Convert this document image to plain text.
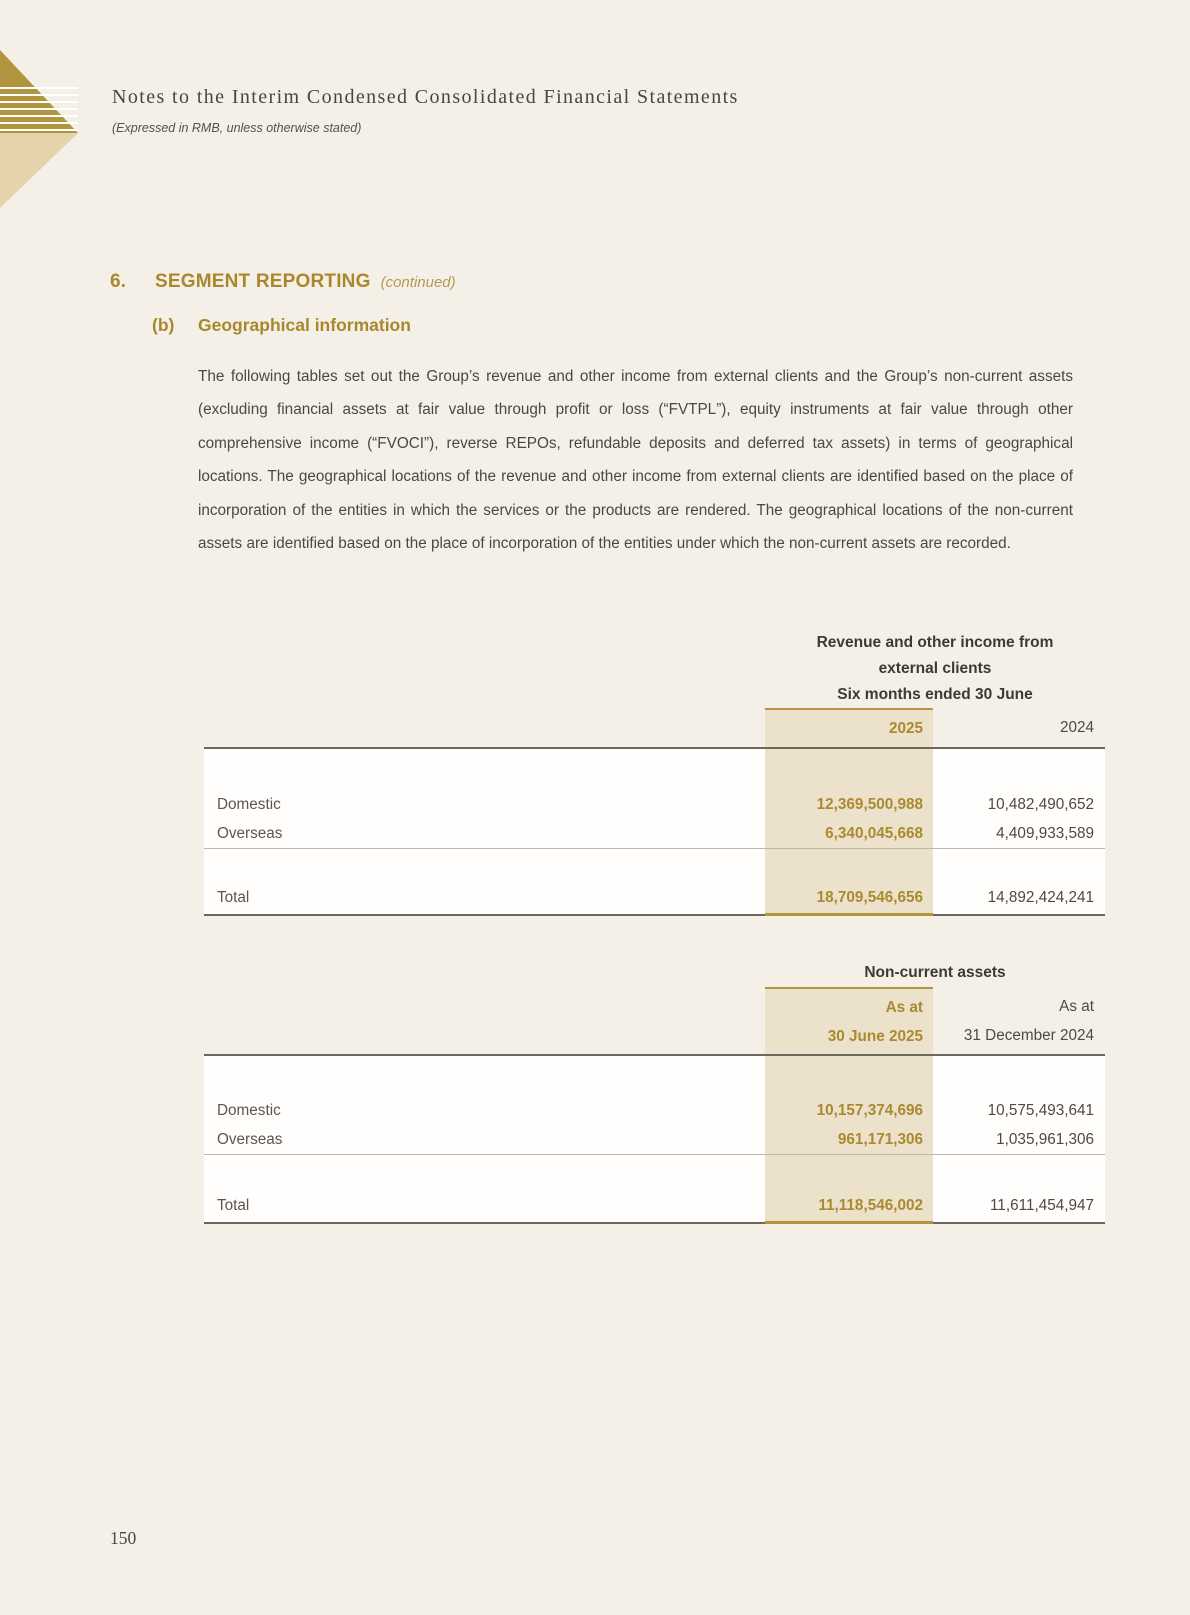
Notes to the Interim Condensed Consolidated Financial Statements
(Expressed in RMB, unless otherwise stated)
6.	SEGMENT REPORTING (continued)
(b)	Geographical information

The following tables set out the Group’s revenue and other income from external clients and the Group’s non-current assets (excluding financial assets at fair value through profit or loss (“FVTPL”), equity instruments at fair value through other comprehensive income (“FVOCI”), reverse REPOs, refundable deposits and deferred tax assets) in terms of geographical locations. The geographical locations of the revenue and other income from external clients are identified based on the place of incorporation of the entities in which the services or the products are rendered. The geographical locations of the non-current assets are identified based on the place of incorporation of the entities under which the non-current assets are recorded.

Revenue and other income from
external clients
Six months ended 30 June
2025	2024
Domestic	12,369,500,988	10,482,490,652
Overseas	6,340,045,668	4,409,933,589
Total	18,709,546,656	14,892,424,241
Non-current assets
As at
30 June 2025
As at
31 December 2024
Domestic	10,157,374,696	10,575,493,641
Overseas	961,171,306	1,035,961,306
Total	11,118,546,002	11,611,454,947
150
